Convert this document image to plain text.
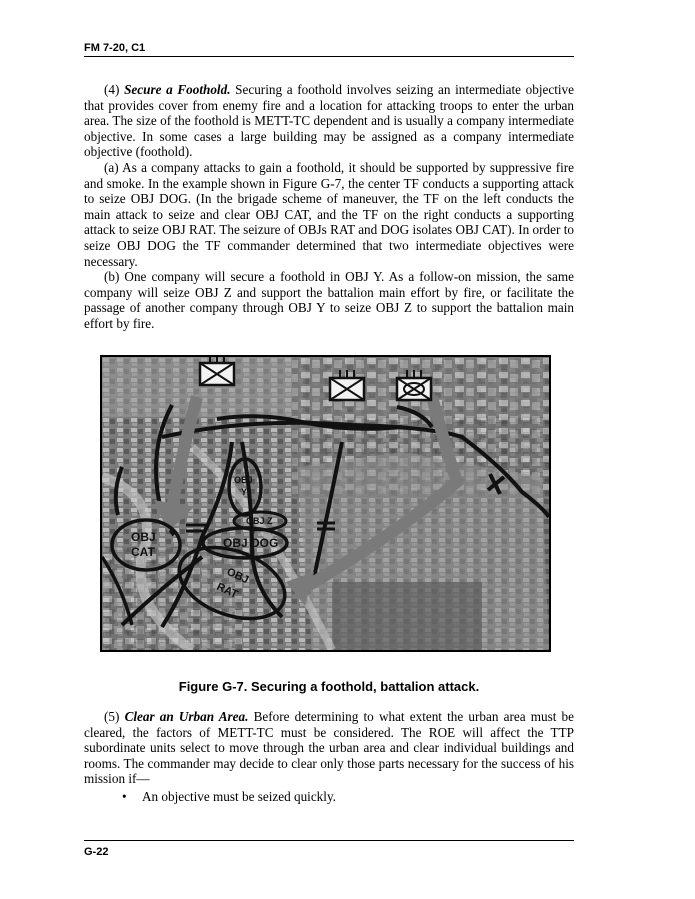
FM 7-20, C1

(4) Secure a Foothold. Securing a foothold involves seizing an intermediate objective that provides cover from enemy fire and a location for attacking troops to enter the urban area. The size of the foothold is METT-TC dependent and is usually a company intermediate objective. In some cases a large building may be assigned as a company intermediate objective (foothold).

(a) As a company attacks to gain a foothold, it should be supported by suppressive fire and smoke. In the example shown in Figure G-7, the center TF conducts a supporting attack to seize OBJ DOG. (In the brigade scheme of maneuver, the TF on the left conducts the main attack to seize and clear OBJ CAT, and the TF on the right conducts a supporting attack to seize OBJ RAT. The seizure of OBJs RAT and DOG isolates OBJ CAT). In order to seize OBJ DOG the TF commander determined that two intermediate objectives were necessary.

(b) One company will secure a foothold in OBJ Y. As a follow-on mission, the same company will seize OBJ Z and support the battalion main effort by fire, or facilitate the passage of another company through OBJ Y to seize OBJ Z to support the battalion main effort by fire.

OBJ
CAT
OBJ
Y
OBJ Z
OBJ DOG
OBJ
RAT
Figure G-7. Securing a foothold, battalion attack.

(5) Clear an Urban Area. Before determining to what extent the urban area must be cleared, the factors of METT-TC must be considered. The ROE will affect the TTP subordinate units select to move through the urban area and clear individual buildings and rooms. The commander may decide to clear only those parts necessary for the success of his mission if—

• An objective must be seized quickly.
G-22
